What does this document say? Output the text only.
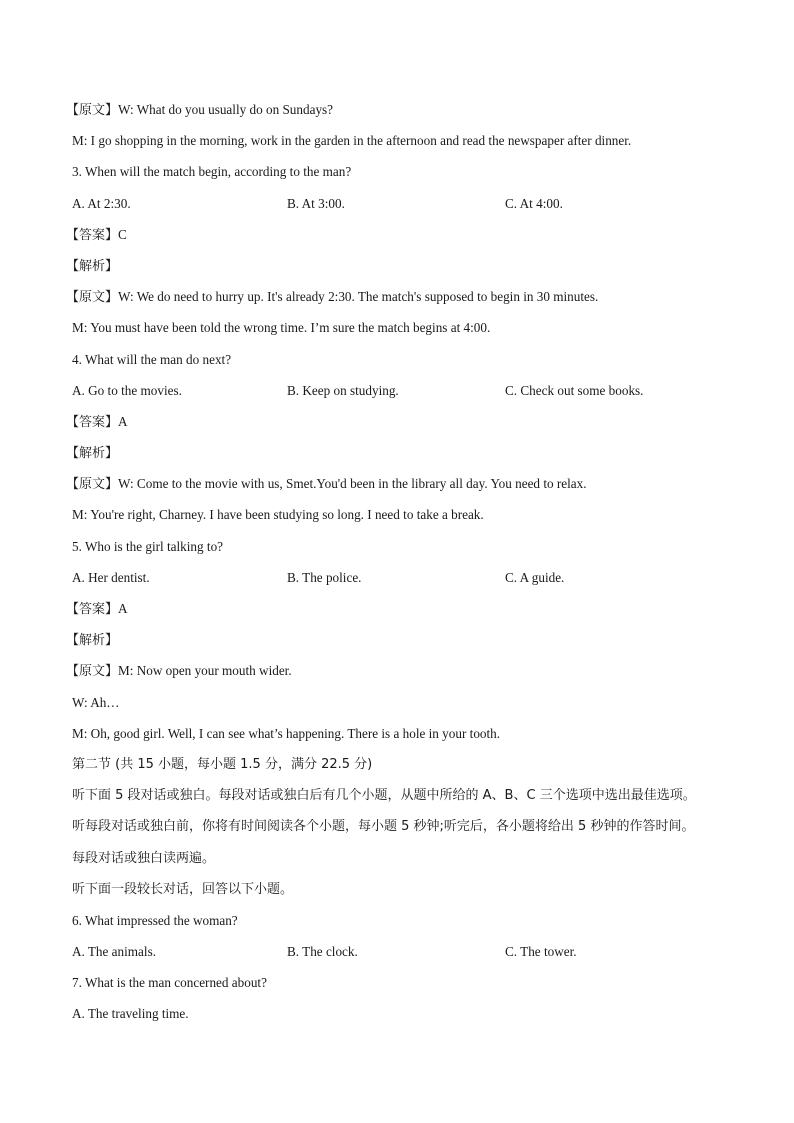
【原文】W: What do you usually do on Sundays?
M: I go shopping in the morning, work in the garden in the afternoon and read the newspaper after dinner.
3. When will the match begin, according to the man?
A. At 2:30.	B. At 3:00.	C. At 4:00.
【答案】C
【解析】
【原文】W: We do need to hurry up. It's already 2:30. The match's supposed to begin in 30 minutes.
M: You must have been told the wrong time. I’m sure the match begins at 4:00.
4. What will the man do next?
A. Go to the movies.	B. Keep on studying.	C. Check out some books.
【答案】A
【解析】
【原文】W: Come to the movie with us, Smet.You'd been in the library all day. You need to relax.
M: You're right, Charney. I have been studying so long. I need to take a break.
5. Who is the girl talking to?
A. Her dentist.	B. The police.	C. A guide.
【答案】A
【解析】
【原文】M: Now open your mouth wider.
W: Ah…
M: Oh, good girl. Well, I can see what’s happening. There is a hole in your tooth.
第二节 (共 15 小题，每小题 1.5 分，满分 22.5 分)
听下面 5 段对话或独白。每段对话或独白后有几个小题，从题中所给的 A、B、C 三个选项中选出最佳选项。
听每段对话或独白前，你将有时间阅读各个小题，每小题 5 秒钟;听完后，各小题将给出 5 秒钟的作答时间。
每段对话或独白读两遍。
听下面一段较长对话，回答以下小题。
6. What impressed the woman?
A. The animals.	B. The clock.	C. The tower.
7. What is the man concerned about?
A. The traveling time.
